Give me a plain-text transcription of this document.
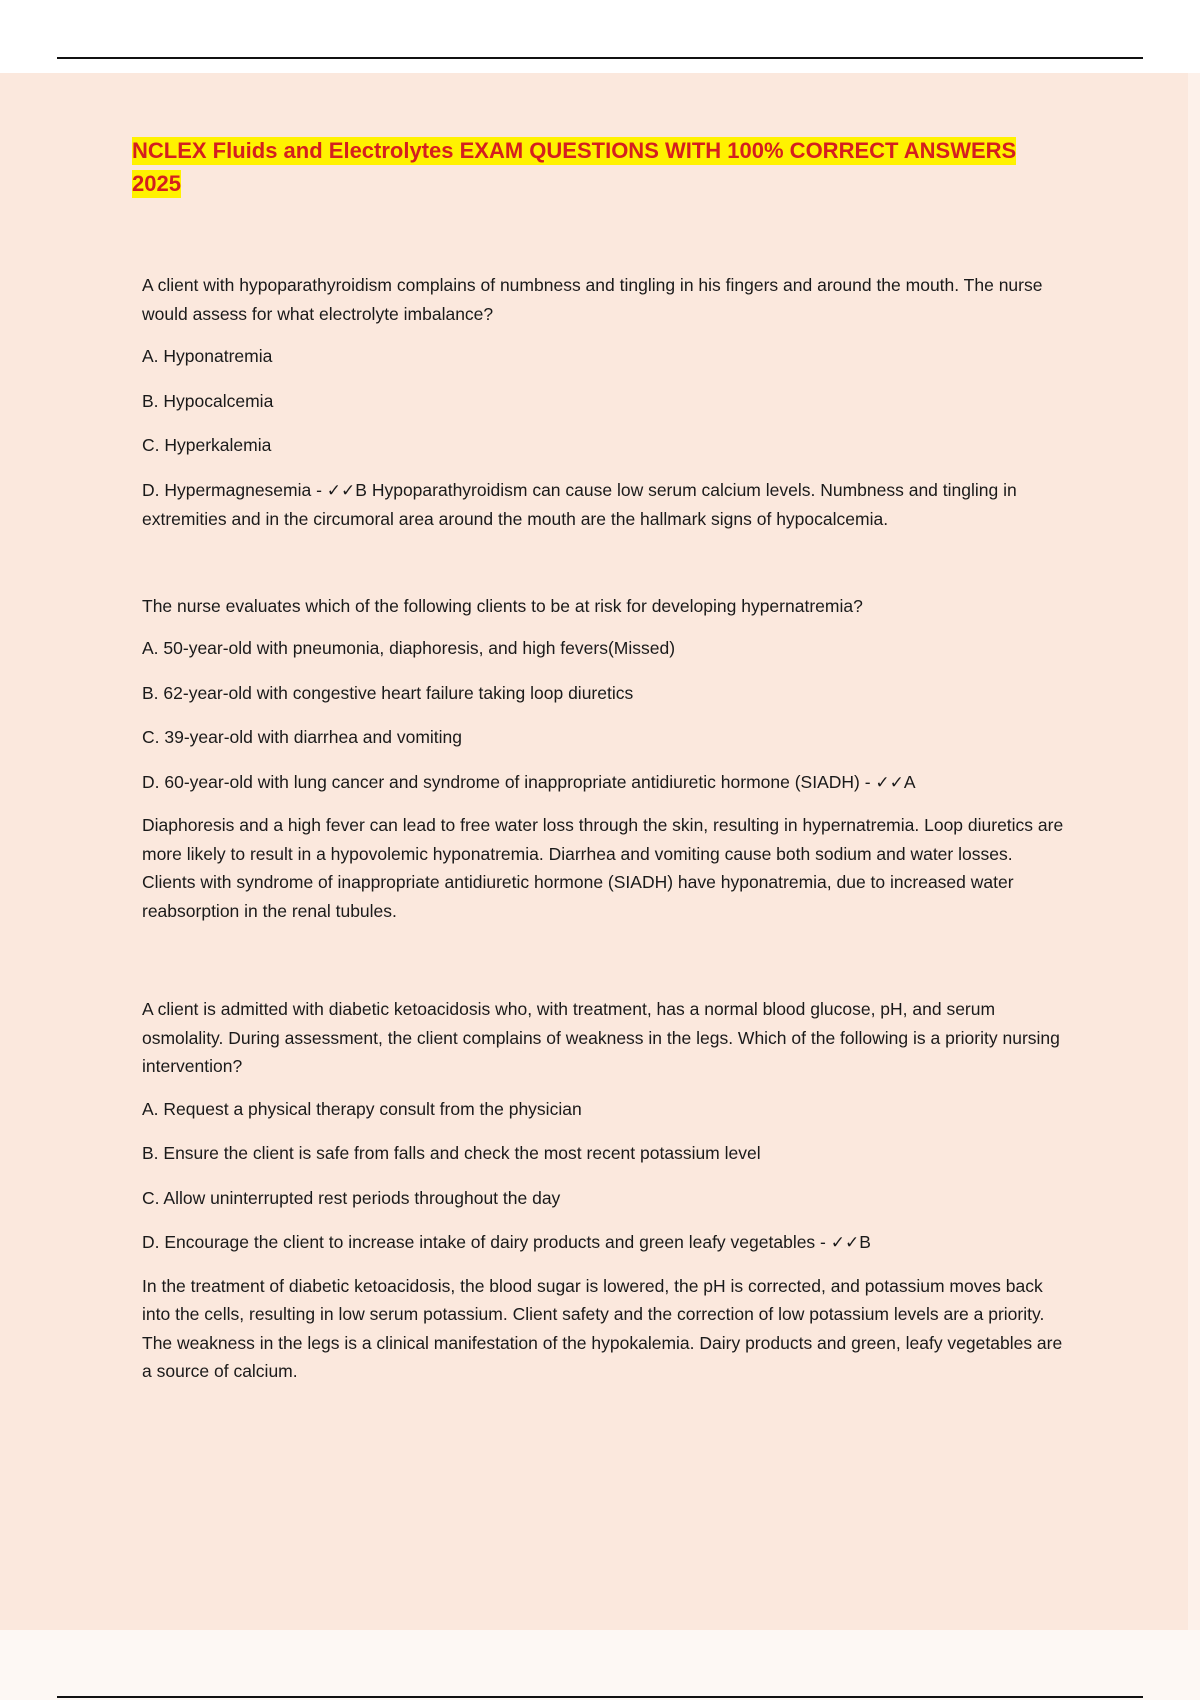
NCLEX Fluids and Electrolytes EXAM QUESTIONS WITH 100% CORRECT ANSWERS
2025

A client with hypoparathyroidism complains of numbness and tingling in his fingers and around the mouth. The nurse would assess for what electrolyte imbalance?

A. Hyponatremia

B. Hypocalcemia

C. Hyperkalemia

D. Hypermagnesemia - ✓✓B Hypoparathyroidism can cause low serum calcium levels. Numbness and tingling in extremities and in the circumoral area around the mouth are the hallmark signs of hypocalcemia.

The nurse evaluates which of the following clients to be at risk for developing hypernatremia?

A. 50-year-old with pneumonia, diaphoresis, and high fevers(Missed)

B. 62-year-old with congestive heart failure taking loop diuretics

C. 39-year-old with diarrhea and vomiting

D. 60-year-old with lung cancer and syndrome of inappropriate antidiuretic hormone (SIADH) - ✓✓A

Diaphoresis and a high fever can lead to free water loss through the skin, resulting in hypernatremia. Loop diuretics are more likely to result in a hypovolemic hyponatremia. Diarrhea and vomiting cause both sodium and water losses. Clients with syndrome of inappropriate antidiuretic hormone (SIADH) have hyponatremia, due to increased water reabsorption in the renal tubules.

A client is admitted with diabetic ketoacidosis who, with treatment, has a normal blood glucose, pH, and serum osmolality. During assessment, the client complains of weakness in the legs. Which of the following is a priority nursing intervention?

A. Request a physical therapy consult from the physician

B. Ensure the client is safe from falls and check the most recent potassium level

C. Allow uninterrupted rest periods throughout the day

D. Encourage the client to increase intake of dairy products and green leafy vegetables - ✓✓B

In the treatment of diabetic ketoacidosis, the blood sugar is lowered, the pH is corrected, and potassium moves back into the cells, resulting in low serum potassium. Client safety and the correction of low potassium levels are a priority. The weakness in the legs is a clinical manifestation of the hypokalemia. Dairy products and green, leafy vegetables are a source of calcium.
